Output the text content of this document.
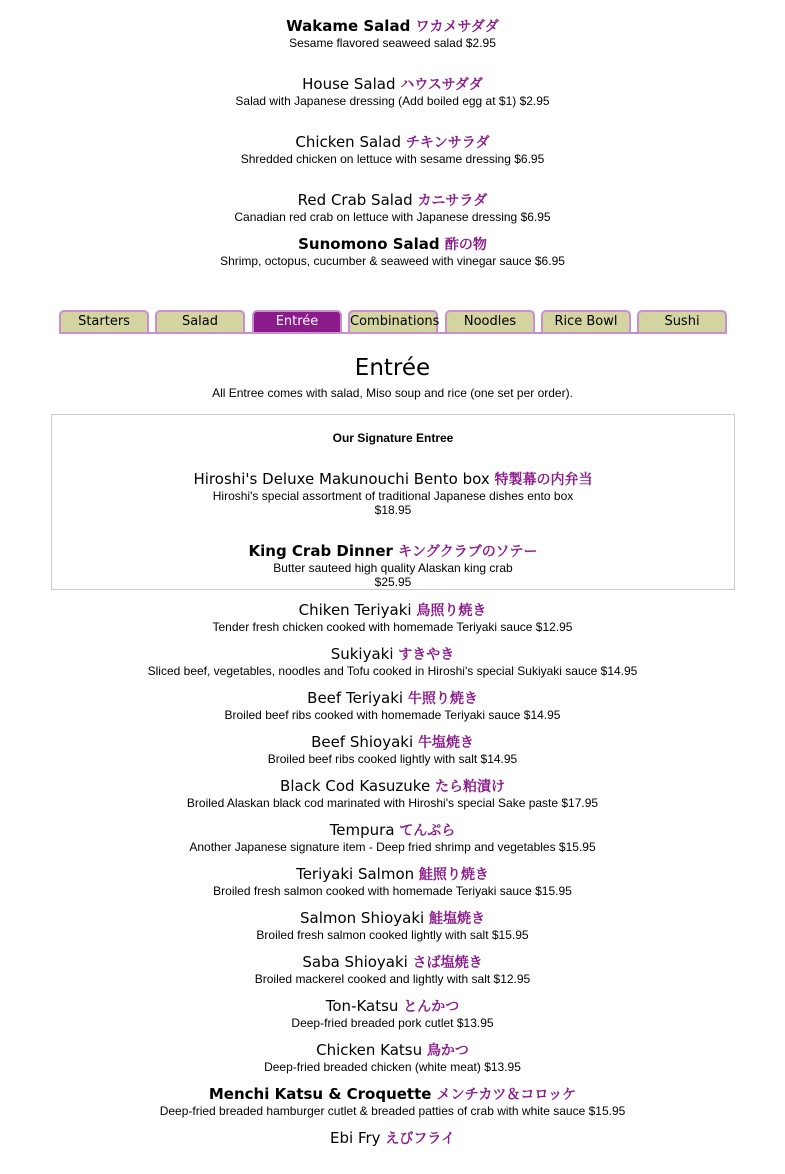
Wakame Salad ワカメサダダ
Sesame flavored seaweed salad $2.95
House Salad ハウスサダダ
Salad with Japanese dressing (Add boiled egg at $1) $2.95
Chicken Salad チキンサラダ
Shredded chicken on lettuce with sesame dressing $6.95
Red Crab Salad カニサラダ
Canadian red crab on lettuce with Japanese dressing $6.95
Sunomono Salad 酢の物
Shrimp, octopus, cucumber & seaweed with vinegar sauce $6.95
Starters	Salad	Entrée	Combinations	Noodles	Rice Bowl	Sushi
Entrée
All Entree comes with salad, Miso soup and rice (one set per order).
Our Signature Entree
Hiroshi's Deluxe Makunouchi Bento box 特製幕の内弁当
Hiroshi's special assortment of traditional Japanese dishes ento box
$18.95
King Crab Dinner キングクラブのソテー
Butter sauteed high quality Alaskan king crab
$25.95
Chiken Teriyaki 鳥照り焼き
Tender fresh chicken cooked with homemade Teriyaki sauce $12.95
Sukiyaki すきやき
Sliced beef, vegetables, noodles and Tofu cooked in Hiroshi's special Sukiyaki sauce $14.95
Beef Teriyaki 牛照り焼き
Broiled beef ribs cooked with homemade Teriyaki sauce $14.95
Beef Shioyaki 牛塩焼き
Broiled beef ribs cooked lightly with salt $14.95
Black Cod Kasuzuke たら粕漬け
Broiled Alaskan black cod marinated with Hiroshi's special Sake paste $17.95
Tempura てんぷら
Another Japanese signature item - Deep fried shrimp and vegetables $15.95
Teriyaki Salmon 鮭照り焼き
Broiled fresh salmon cooked with homemade Teriyaki sauce $15.95
Salmon Shioyaki 鮭塩焼き
Broiled fresh salmon cooked lightly with salt $15.95
Saba Shioyaki さば塩焼き
Broiled mackerel cooked and lightly with salt $12.95
Ton-Katsu とんかつ
Deep-fried breaded pork cutlet $13.95
Chicken Katsu 鳥かつ
Deep-fried breaded chicken (white meat) $13.95
Menchi Katsu & Croquette メンチカツ＆コロッケ
Deep-fried breaded hamburger cutlet & breaded patties of crab with white sauce $15.95
Ebi Fry えびフライ
